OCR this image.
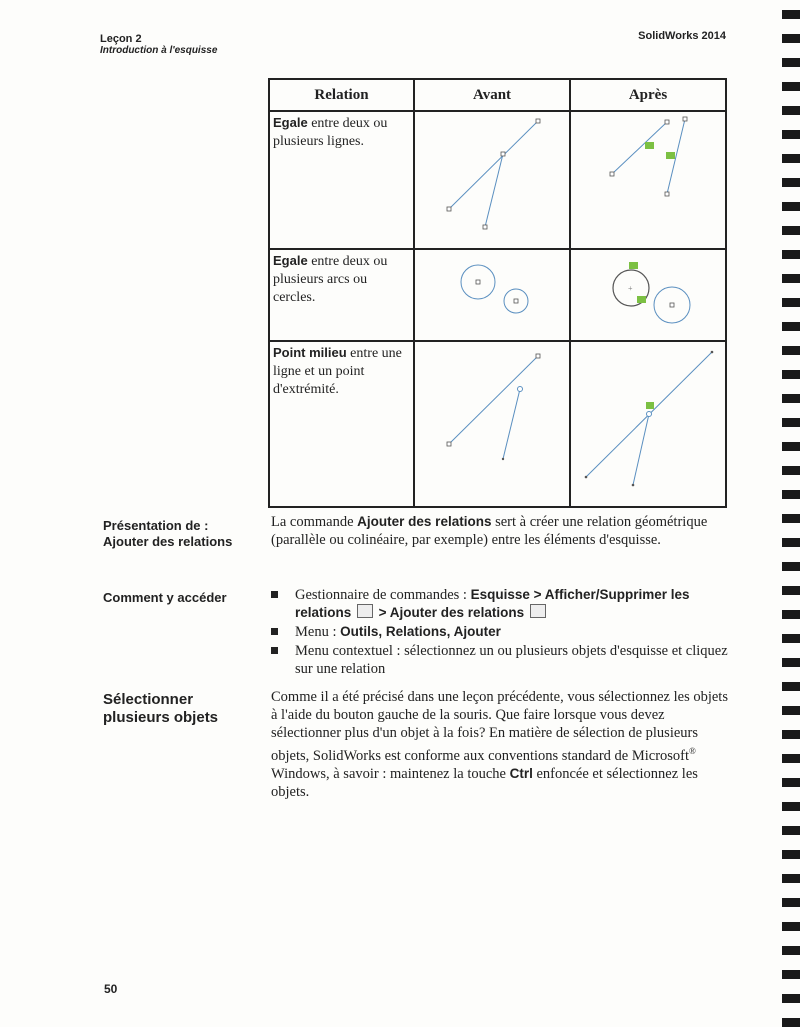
Leçon 2
Introduction à l'esquisse
SolidWorks 2014
Relation	Avant	Après
Egale entre deux ou plusieurs lignes.	

Egale entre deux ou plusieurs arcs ou cercles.		+

Point milieu entre une ligne et un point d'extrémité.	

Présentation de : Ajouter des relations
La commande Ajouter des relations sert à créer une relation géométrique (parallèle ou colinéaire, par exemple) entre les éléments d'esquisse.
Comment y accéder	Gestionnaire de commandes : Esquisse > Afficher/Supprimer les relations  > Ajouter des relations
Menu : Outils, Relations, Ajouter
Menu contextuel : sélectionnez un ou plusieurs objets d'esquisse et cliquez sur une relation
Sélectionner plusieurs objets
Comme il a été précisé dans une leçon précédente, vous sélectionnez les objets à l'aide du bouton gauche de la souris. Que faire lorsque vous devez sélectionner plus d'un objet à la fois? En matière de sélection de plusieurs objets, SolidWorks est conforme aux conventions standard de Microsoft® Windows, à savoir : maintenez la touche Ctrl enfoncée et sélectionnez les objets.
50
